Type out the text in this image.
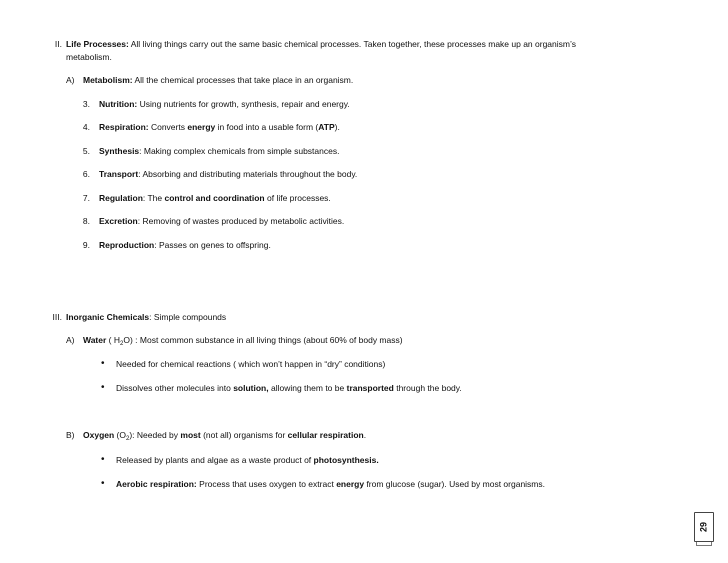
II. Life Processes: All living things carry out the same basic chemical processes. Taken together, these processes make up an organism’s
metabolism.
A) Metabolism: All the chemical processes that take place in an organism.
3. Nutrition: Using nutrients for growth, synthesis, repair and energy.
4. Respiration: Converts energy in food into a usable form (ATP).
5. Synthesis: Making complex chemicals from simple substances.
6. Transport: Absorbing and distributing materials throughout the body.
7. Regulation: The control and coordination of life processes.
8. Excretion: Removing of wastes produced by metabolic activities.
9. Reproduction: Passes on genes to offspring.
III. Inorganic Chemicals: Simple compounds
A) Water ( $H_2O$) : Most common substance in all living things (about 60% of body mass)
• Needed for chemical reactions ( which won’t happen in “dry” conditions)
• Dissolves other molecules into solution, allowing them to be transported through the body.
B) Oxygen $(O_2)$: Needed by most (not all) organisms for cellular respiration.
• Released by plants and algae as a waste product of photosynthesis.
• Aerobic respiration: Process that uses oxygen to extract energy from glucose (sugar). Used by most organisms.
29
